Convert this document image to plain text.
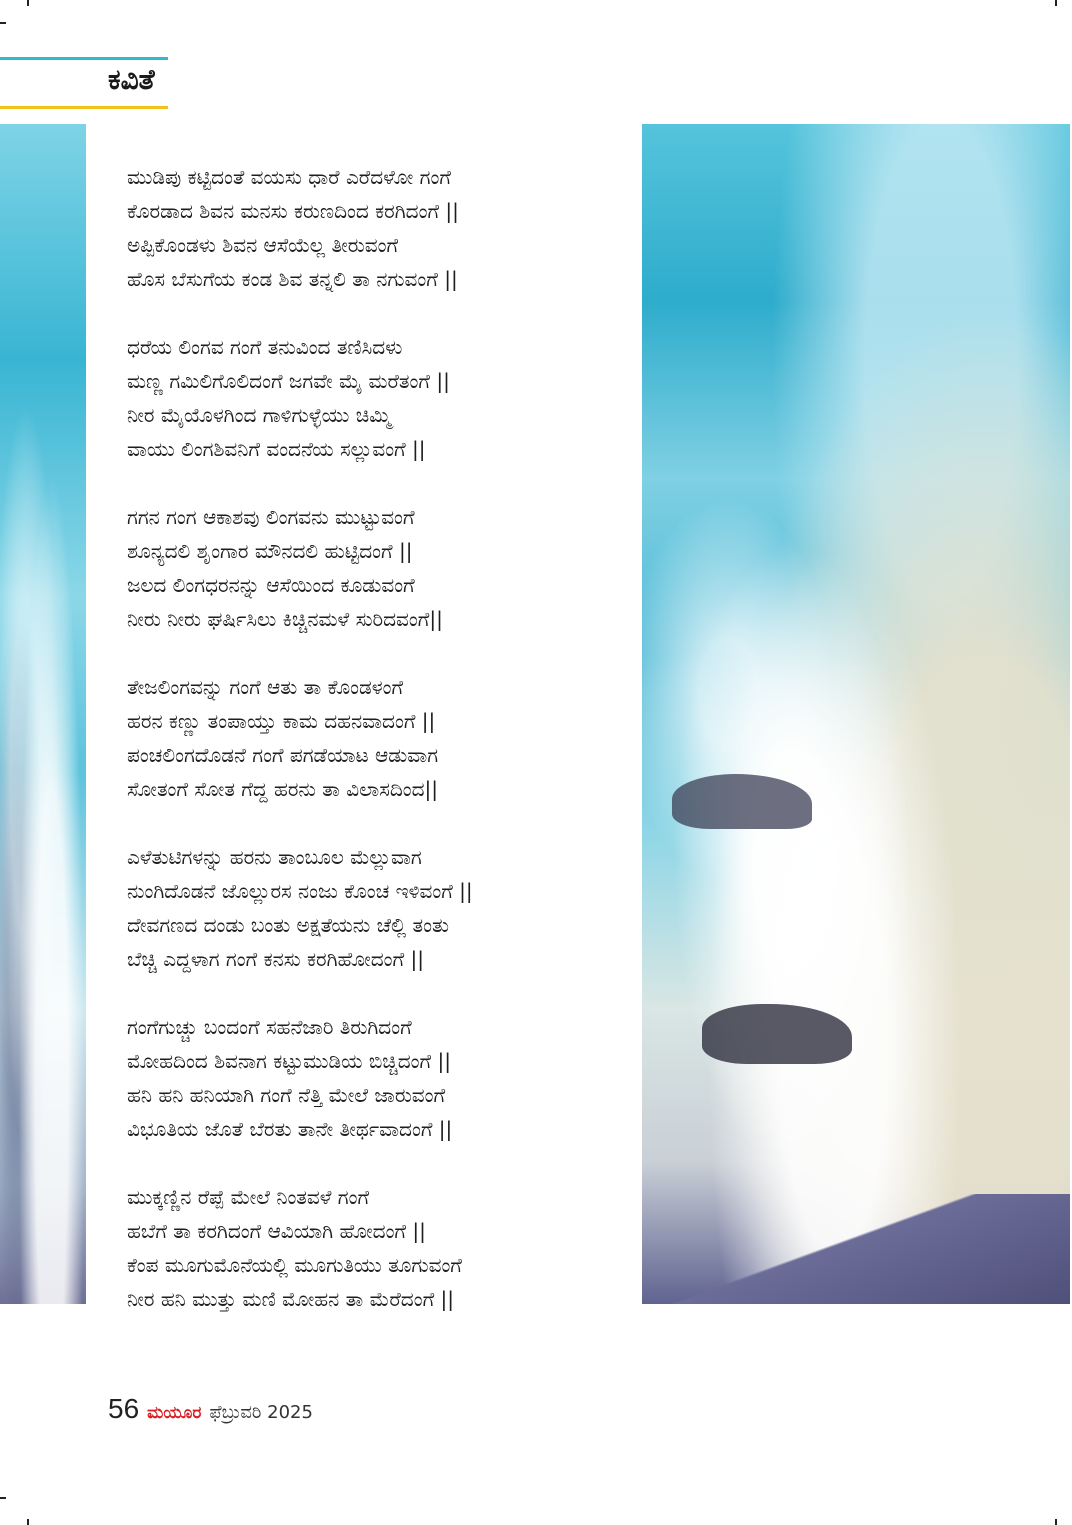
ಕವಿತೆ
ಮುಡಿಪು ಕಟ್ಟಿದಂತೆ ವಯಸು ಧಾರೆ ಎರೆದಳೋ ಗಂಗೆ
ಕೊರಡಾದ ಶಿವನ ಮನಸು ಕರುಣದಿಂದ ಕರಗಿದಂಗೆ ||
ಅಪ್ಪಿಕೊಂಡಳು ಶಿವನ ಆಸೆಯೆಲ್ಲ ತೀರುವಂಗೆ
ಹೊಸ ಬೆಸುಗೆಯ ಕಂಡ ಶಿವ ತನ್ನಲಿ ತಾ ನಗುವಂಗೆ ||
ಧರೆಯ ಲಿಂಗವ ಗಂಗೆ ತನುವಿಂದ ತಣಿಸಿದಳು
ಮಣ್ಣ ಗಮಿಲಿಗೊಲಿದಂಗೆ ಜಗವೇ ಮೈ ಮರೆತಂಗೆ ||
ನೀರ ಮೈಯೊಳಗಿಂದ ಗಾಳಿಗುಳ್ಳೆಯು ಚಿಮ್ಮಿ
ವಾಯು ಲಿಂಗಶಿವನಿಗೆ ವಂದನೆಯ ಸಲ್ಲುವಂಗೆ ||
ಗಗನ ಗಂಗ ಆಕಾಶವು ಲಿಂಗವನು ಮುಟ್ಟುವಂಗೆ
ಶೂನ್ಯದಲಿ ಶೃಂಗಾರ ಮೌನದಲಿ ಹುಟ್ಟಿದಂಗೆ ||
ಜಲದ ಲಿಂಗಧರನನ್ನು ಆಸೆಯಿಂದ ಕೂಡುವಂಗೆ
ನೀರು ನೀರು ಘರ್ಷಿಸಿಲು ಕಿಚ್ಚಿನಮಳೆ ಸುರಿದವಂಗೆ||
ತೇಜಲಿಂಗವನ್ನು ಗಂಗೆ ಆತು ತಾ ಕೊಂಡಳಂಗೆ
ಹರನ ಕಣ್ಣು ತಂಪಾಯ್ತು ಕಾಮ ದಹನವಾದಂಗೆ ||
ಪಂಚಲಿಂಗದೊಡನೆ ಗಂಗೆ ಪಗಡೆಯಾಟ ಆಡುವಾಗ
ಸೋತಂಗೆ ಸೋತ ಗೆದ್ದ ಹರನು ತಾ ವಿಲಾಸದಿಂದ||
ಎಳೆತುಟಿಗಳನ್ನು ಹರನು ತಾಂಬೂಲ ಮೆಲ್ಲುವಾಗ
ನುಂಗಿದೊಡನೆ ಜೊಲ್ಲುರಸ ನಂಜು ಕೊಂಚ ಇಳಿವಂಗೆ ||
ದೇವಗಣದ ದಂಡು ಬಂತು ಅಕ್ಷತೆಯನು ಚೆಲ್ಲಿ ತಂತು
ಬೆಚ್ಚಿ ಎದ್ದಳಾಗ ಗಂಗೆ ಕನಸು ಕರಗಿಹೋದಂಗೆ ||
ಗಂಗೆಗುಚ್ಚು ಬಂದಂಗೆ ಸಹನೆಜಾರಿ ತಿರುಗಿದಂಗೆ
ಮೋಹದಿಂದ ಶಿವನಾಗ ಕಟ್ಟುಮುಡಿಯ ಬಿಚ್ಚಿದಂಗೆ ||
ಹನಿ ಹನಿ ಹನಿಯಾಗಿ ಗಂಗೆ ನೆತ್ತಿ ಮೇಲೆ ಜಾರುವಂಗೆ
ವಿಭೂತಿಯ ಜೊತೆ ಬೆರತು ತಾನೇ ತೀರ್ಥವಾದಂಗೆ ||
ಮುಕ್ಕಣ್ಣಿನ ರೆಪ್ಪೆ ಮೇಲೆ ನಿಂತವಳೆ ಗಂಗೆ
ಹಬೆಗೆ ತಾ ಕರಗಿದಂಗೆ ಆವಿಯಾಗಿ ಹೋದಂಗೆ ||
ಕೆಂಪ ಮೂಗುಮೊನೆಯಲ್ಲಿ ಮೂಗುತಿಯು ತೂಗುವಂಗೆ
ನೀರ ಹನಿ ಮುತ್ತು ಮಣಿ ಮೋಹನ ತಾ ಮೆರೆದಂಗೆ ||
56 ಮಯೂರ ಫೆಬ್ರುವರಿ 2025
